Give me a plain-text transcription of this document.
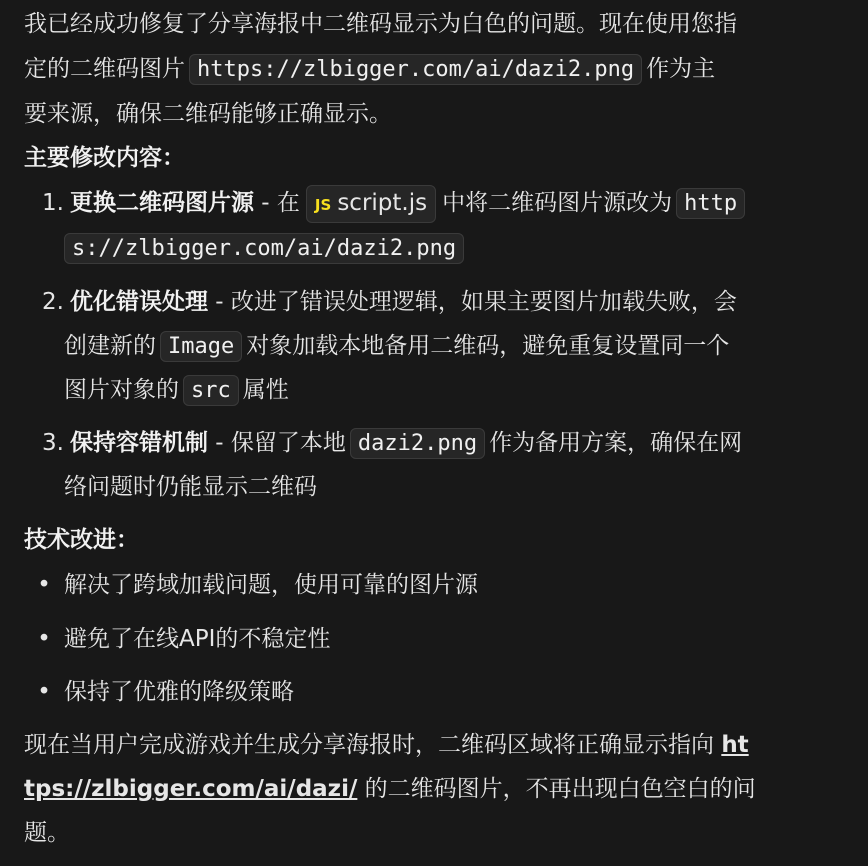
我已经成功修复了分享海报中二维码显示为白色的问题。现在使用您指
定的二维码图片 https://zlbigger.com/ai/dazi2.png 作为主
要来源，确保二维码能够正确显示。
主要修改内容：
1. 更换二维码图片源 - 在 JS script.js 中将二维码图片源改为 http
s://zlbigger.com/ai/dazi2.png
2. 优化错误处理 - 改进了错误处理逻辑，如果主要图片加载失败，会
创建新的 Image 对象加载本地备用二维码，避免重复设置同一个
图片对象的 src 属性
3. 保持容错机制 - 保留了本地 dazi2.png 作为备用方案，确保在网
络问题时仍能显示二维码
技术改进：
• 解决了跨域加载问题，使用可靠的图片源
• 避免了在线API的不稳定性
• 保持了优雅的降级策略
现在当用户完成游戏并生成分享海报时，二维码区域将正确显示指向 ht
tps://zlbigger.com/ai/dazi/ 的二维码图片，不再出现白色空白的问
题。
